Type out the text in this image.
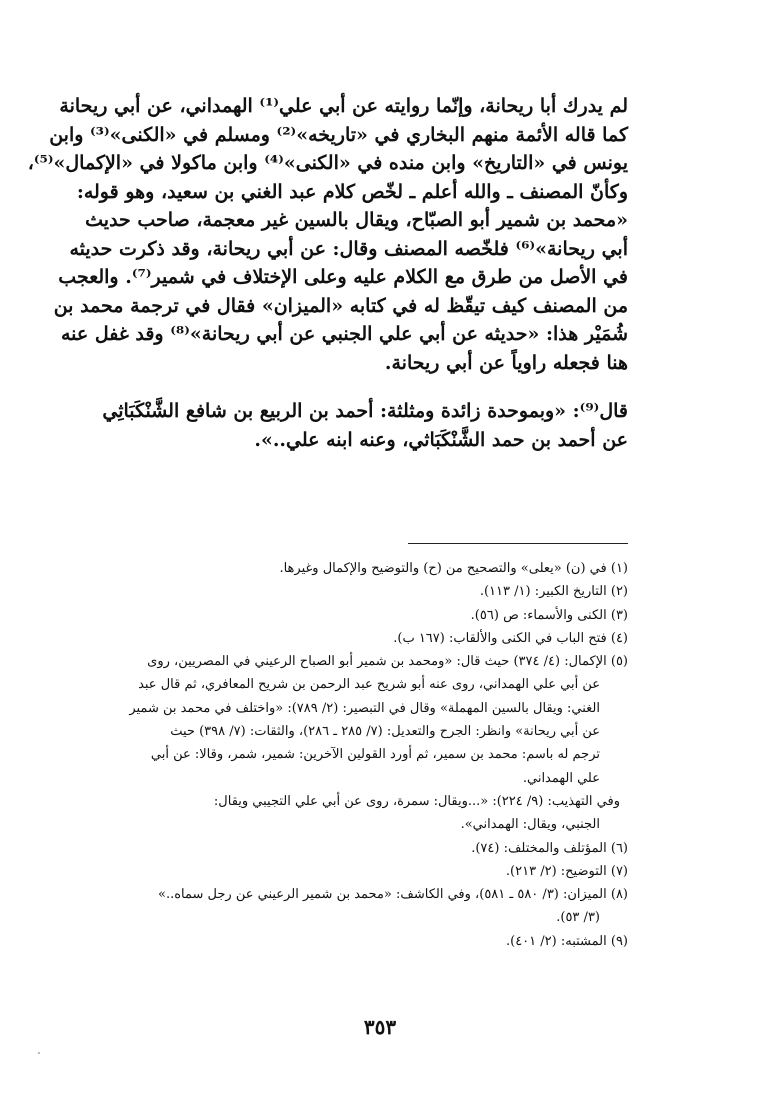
لم يدرك أبا ريحانة، وإنّما روايته عن أبي علي⁽¹⁾ الهمداني، عن أبي ريحانة
كما قاله الأئمة منهم البخاري في «تاريخه»⁽²⁾ ومسلم في «الكنى»⁽³⁾ وابن
يونس في «التاريخ» وابن منده في «الكنى»⁽⁴⁾ وابن ماكولا في «الإكمال»⁽⁵⁾،
وكأنّ المصنف ـ والله أعلم ـ لخّص كلام عبد الغني بن سعيد، وهو قوله:
«محمد بن شمير أبو الصبّاح، ويقال بالسين غير معجمة، صاحب حديث
أبي ريحانة»⁽⁶⁾ فلخّصه المصنف وقال: عن أبي ريحانة، وقد ذكرت حديثه
في الأصل من طرق مع الكلام عليه وعلى الإختلاف في شمير⁽⁷⁾. والعجب
من المصنف كيف تيقّظ له في كتابه «الميزان» فقال في ترجمة محمد بن
شُمَيْر هذا: «حديثه عن أبي علي الجنبي عن أبي ريحانة»⁽⁸⁾ وقد غفل عنه
هنا فجعله راوياً عن أبي ريحانة.
قال⁽⁹⁾: «وبموحدة زائدة ومثلثة: أحمد بن الربيع بن شافع الشَّنْكَبَاثِي
عن أحمد بن حمد الشَّنْكَبَاثي، وعنه ابنه علي..».
(١) في (ن) «يعلى» والتصحيح من (ح) والتوضيح والإكمال وغيرها.
(٢) التاريخ الكبير: (١/ ١١٣).
(٣) الكنى والأسماء: ص (٥٦).
(٤) فتح الباب في الكنى والألقاب: (١٦٧ ب).
(٥) الإكمال: (٤/ ٣٧٤) حيث قال: «ومحمد بن شمير أبو الصباح الرعيني في المصريين، روى
عن أبي علي الهمداني، روى عنه أبو شريح عبد الرحمن بن شريح المعافري، ثم قال عبد
الغني: ويقال بالسين المهملة» وقال في التبصير: (٢/ ٧٨٩): «واختلف في محمد بن شمير
عن أبي ريحانة» وانظر: الجرح والتعديل: (٧/ ٢٨٥ ـ ٢٨٦)، والثقات: (٧/ ٣٩٨) حيث
ترجم له باسم: محمد بن سمير، ثم أورد القولين الآخرين: شمير، شمر، وقالا: عن أبي
علي الهمداني.
وفي التهذيب: (٩/ ٢٢٤): «...ويقال: سمرة، روى عن أبي علي التجيبي ويقال:
الجنبي، ويقال: الهمداني».
(٦) المؤتلف والمختلف: (٧٤).
(٧) التوضيح: (٢/ ٢١٣).
(٨) الميزان: (٣/ ٥٨٠ ـ ٥٨١)، وفي الكاشف: «محمد بن شمير الرعيني عن رجل سماه..»
(٣/ ٥٣).
(٩) المشتبه: (٢/ ٤٠١).
٣٥٣
